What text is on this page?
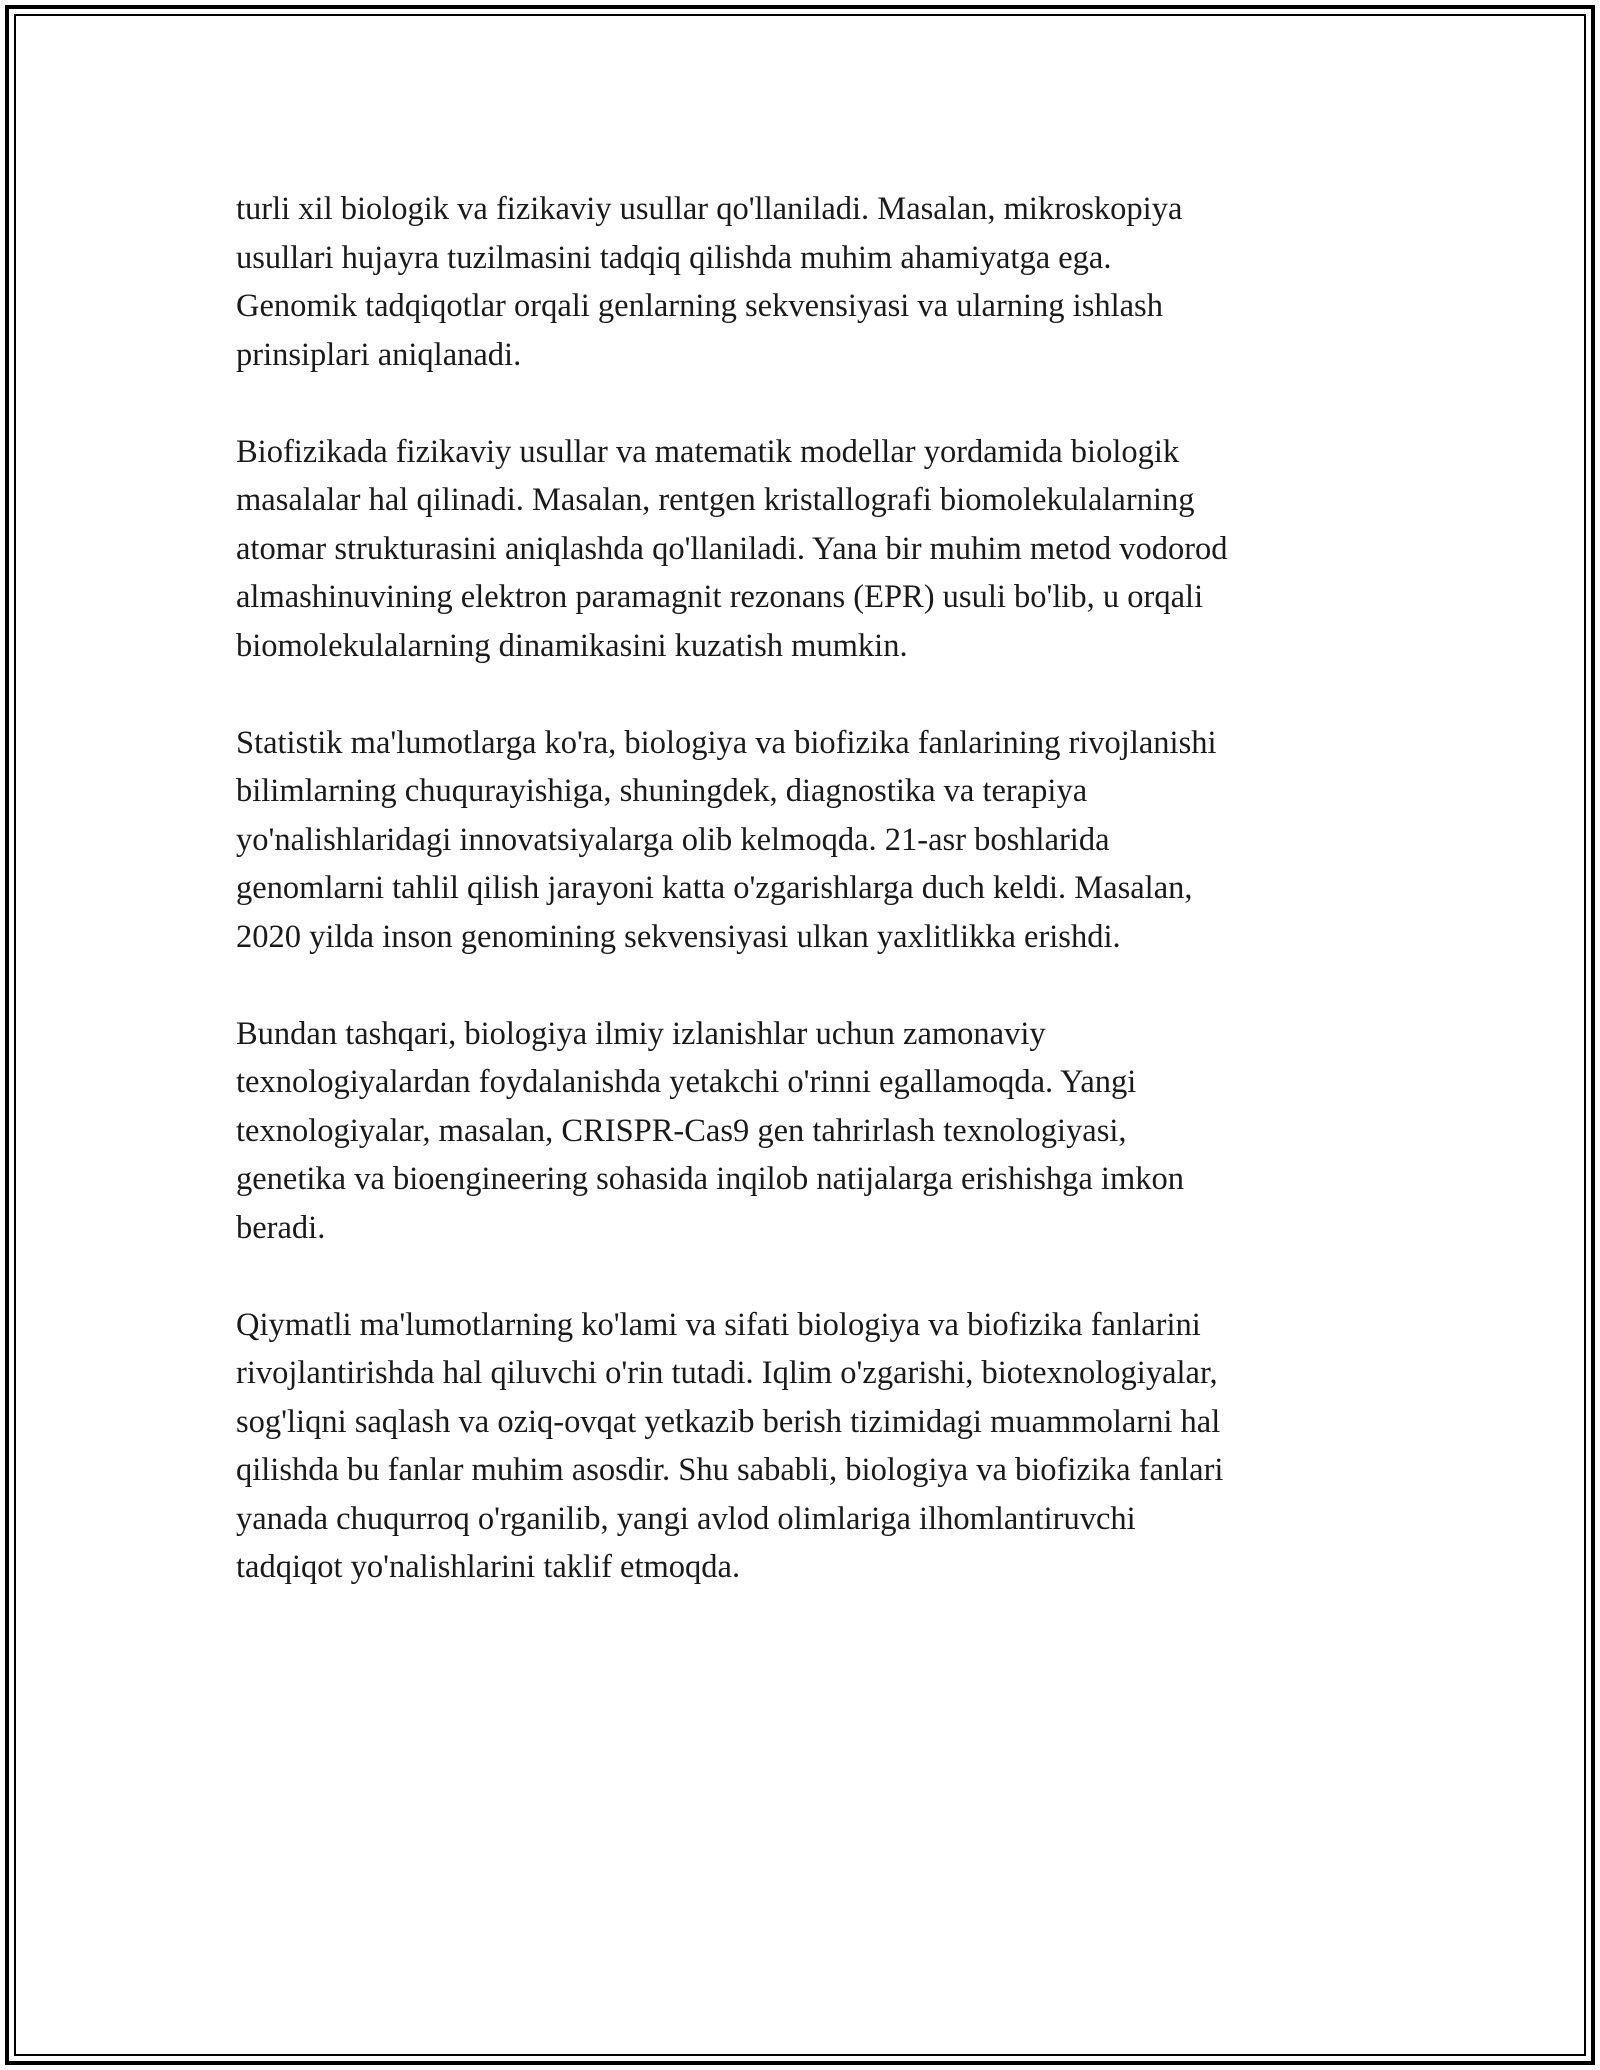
turli xil biologik va fizikaviy usullar qo'llaniladi. Masalan, mikroskopiya
usullari hujayra tuzilmasini tadqiq qilishda muhim ahamiyatga ega.
Genomik tadqiqotlar orqali genlarning sekvensiyasi va ularning ishlash
prinsiplari aniqlanadi.

Biofizikada fizikaviy usullar va matematik modellar yordamida biologik
masalalar hal qilinadi. Masalan, rentgen kristallografi biomolekulalarning
atomar strukturasini aniqlashda qo'llaniladi. Yana bir muhim metod vodorod
almashinuvining elektron paramagnit rezonans (EPR) usuli bo'lib, u orqali
biomolekulalarning dinamikasini kuzatish mumkin.

Statistik ma'lumotlarga ko'ra, biologiya va biofizika fanlarining rivojlanishi
bilimlarning chuqurayishiga, shuningdek, diagnostika va terapiya
yo'nalishlaridagi innovatsiyalarga olib kelmoqda. 21-asr boshlarida
genomlarni tahlil qilish jarayoni katta o'zgarishlarga duch keldi. Masalan,
2020 yilda inson genomining sekvensiyasi ulkan yaxlitlikka erishdi.

Bundan tashqari, biologiya ilmiy izlanishlar uchun zamonaviy
texnologiyalardan foydalanishda yetakchi o'rinni egallamoqda. Yangi
texnologiyalar, masalan, CRISPR-Cas9 gen tahrirlash texnologiyasi,
genetika va bioengineering sohasida inqilob natijalarga erishishga imkon
beradi.

Qiymatli ma'lumotlarning ko'lami va sifati biologiya va biofizika fanlarini
rivojlantirishda hal qiluvchi o'rin tutadi. Iqlim o'zgarishi, biotexnologiyalar,
sog'liqni saqlash va oziq-ovqat yetkazib berish tizimidagi muammolarni hal
qilishda bu fanlar muhim asosdir. Shu sababli, biologiya va biofizika fanlari
yanada chuqurroq o'rganilib, yangi avlod olimlariga ilhomlantiruvchi
tadqiqot yo'nalishlarini taklif etmoqda.
